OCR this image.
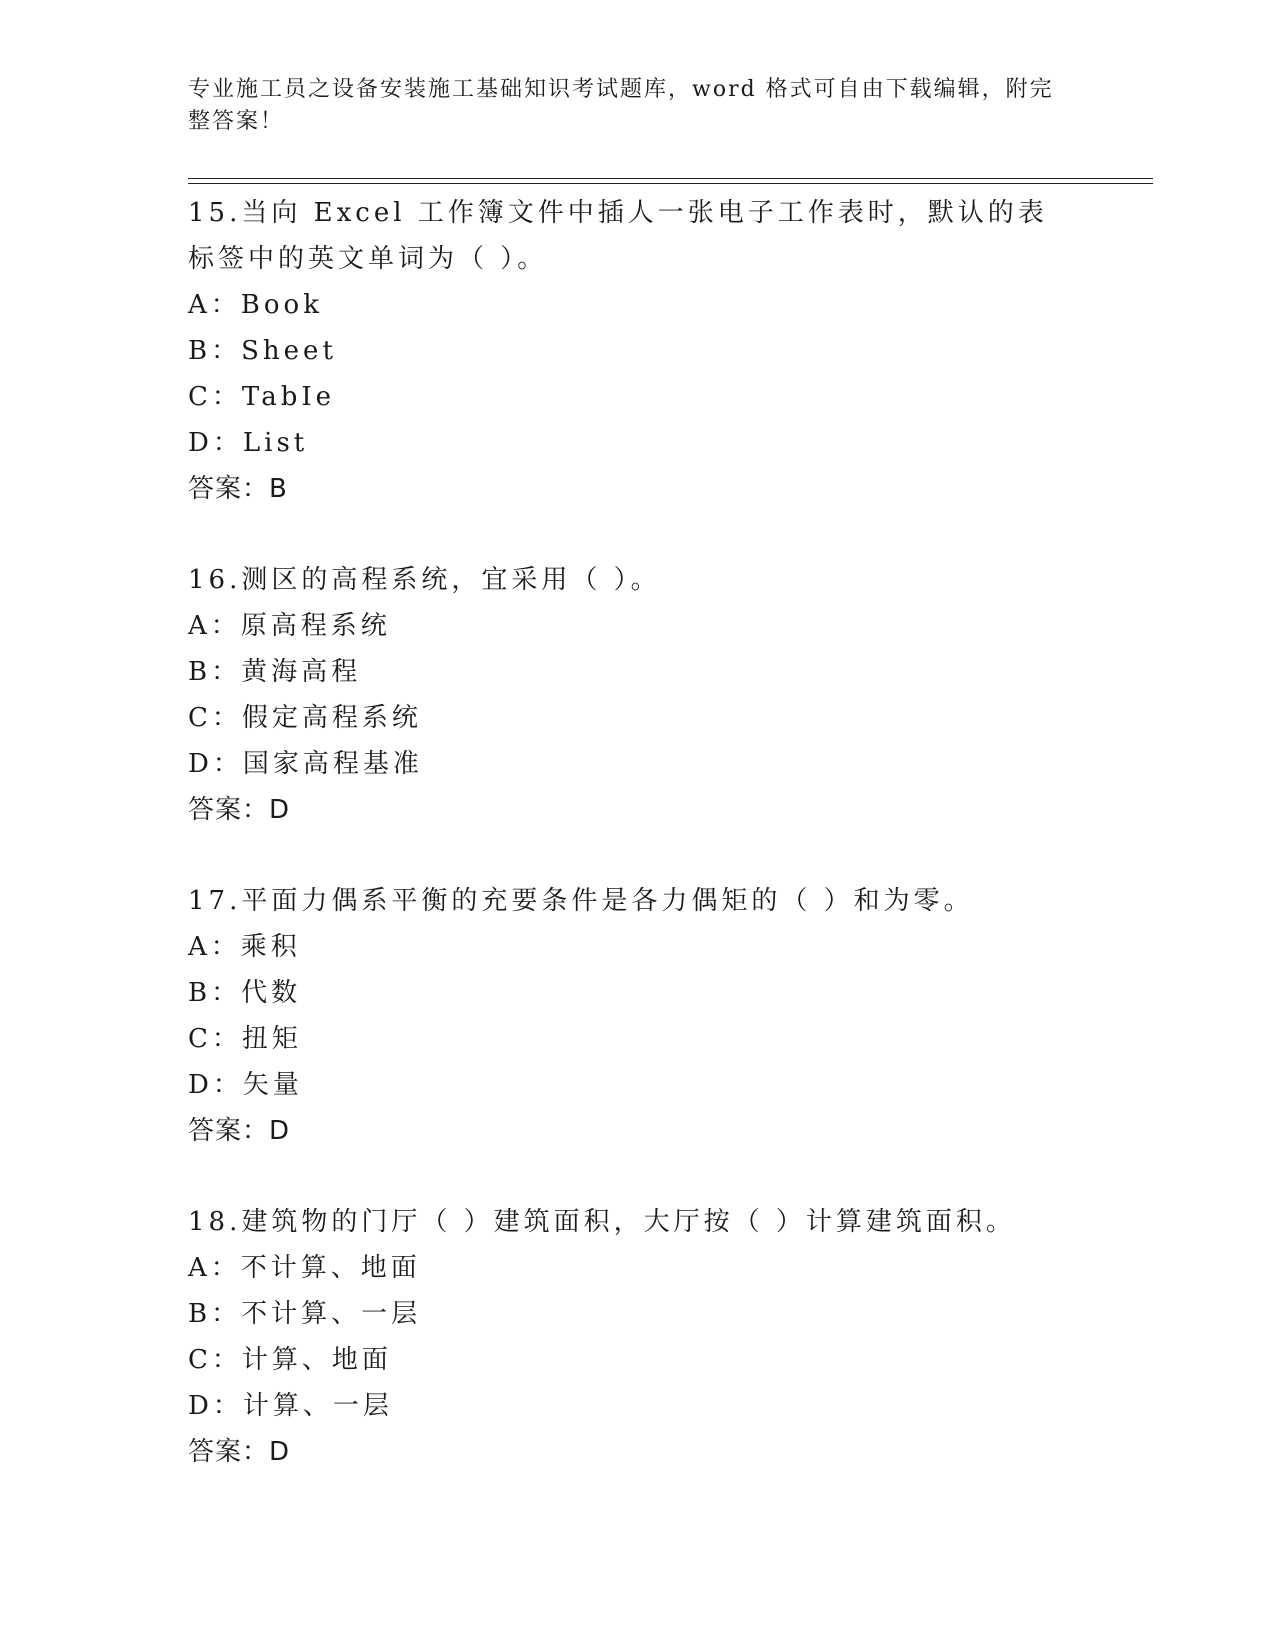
专业施工员之设备安装施工基础知识考试题库，word 格式可自由下载编辑，附完整答案！

15.当向 Excel 工作簿文件中插人一张电子工作表时，默认的表标签中的英文单词为（ ）。

A：Book

B：Sheet

C：TabIe

D：List

答案：B

16.测区的高程系统，宜采用（ ）。

A：原高程系统

B：黄海高程

C：假定高程系统

D：国家高程基准

答案：D

17.平面力偶系平衡的充要条件是各力偶矩的（ ）和为零。

A：乘积

B：代数

C：扭矩

D：矢量

答案：D

18.建筑物的门厅（ ）建筑面积，大厅按（ ）计算建筑面积。

A：不计算、地面

B：不计算、一层

C：计算、地面

D：计算、一层

答案：D
